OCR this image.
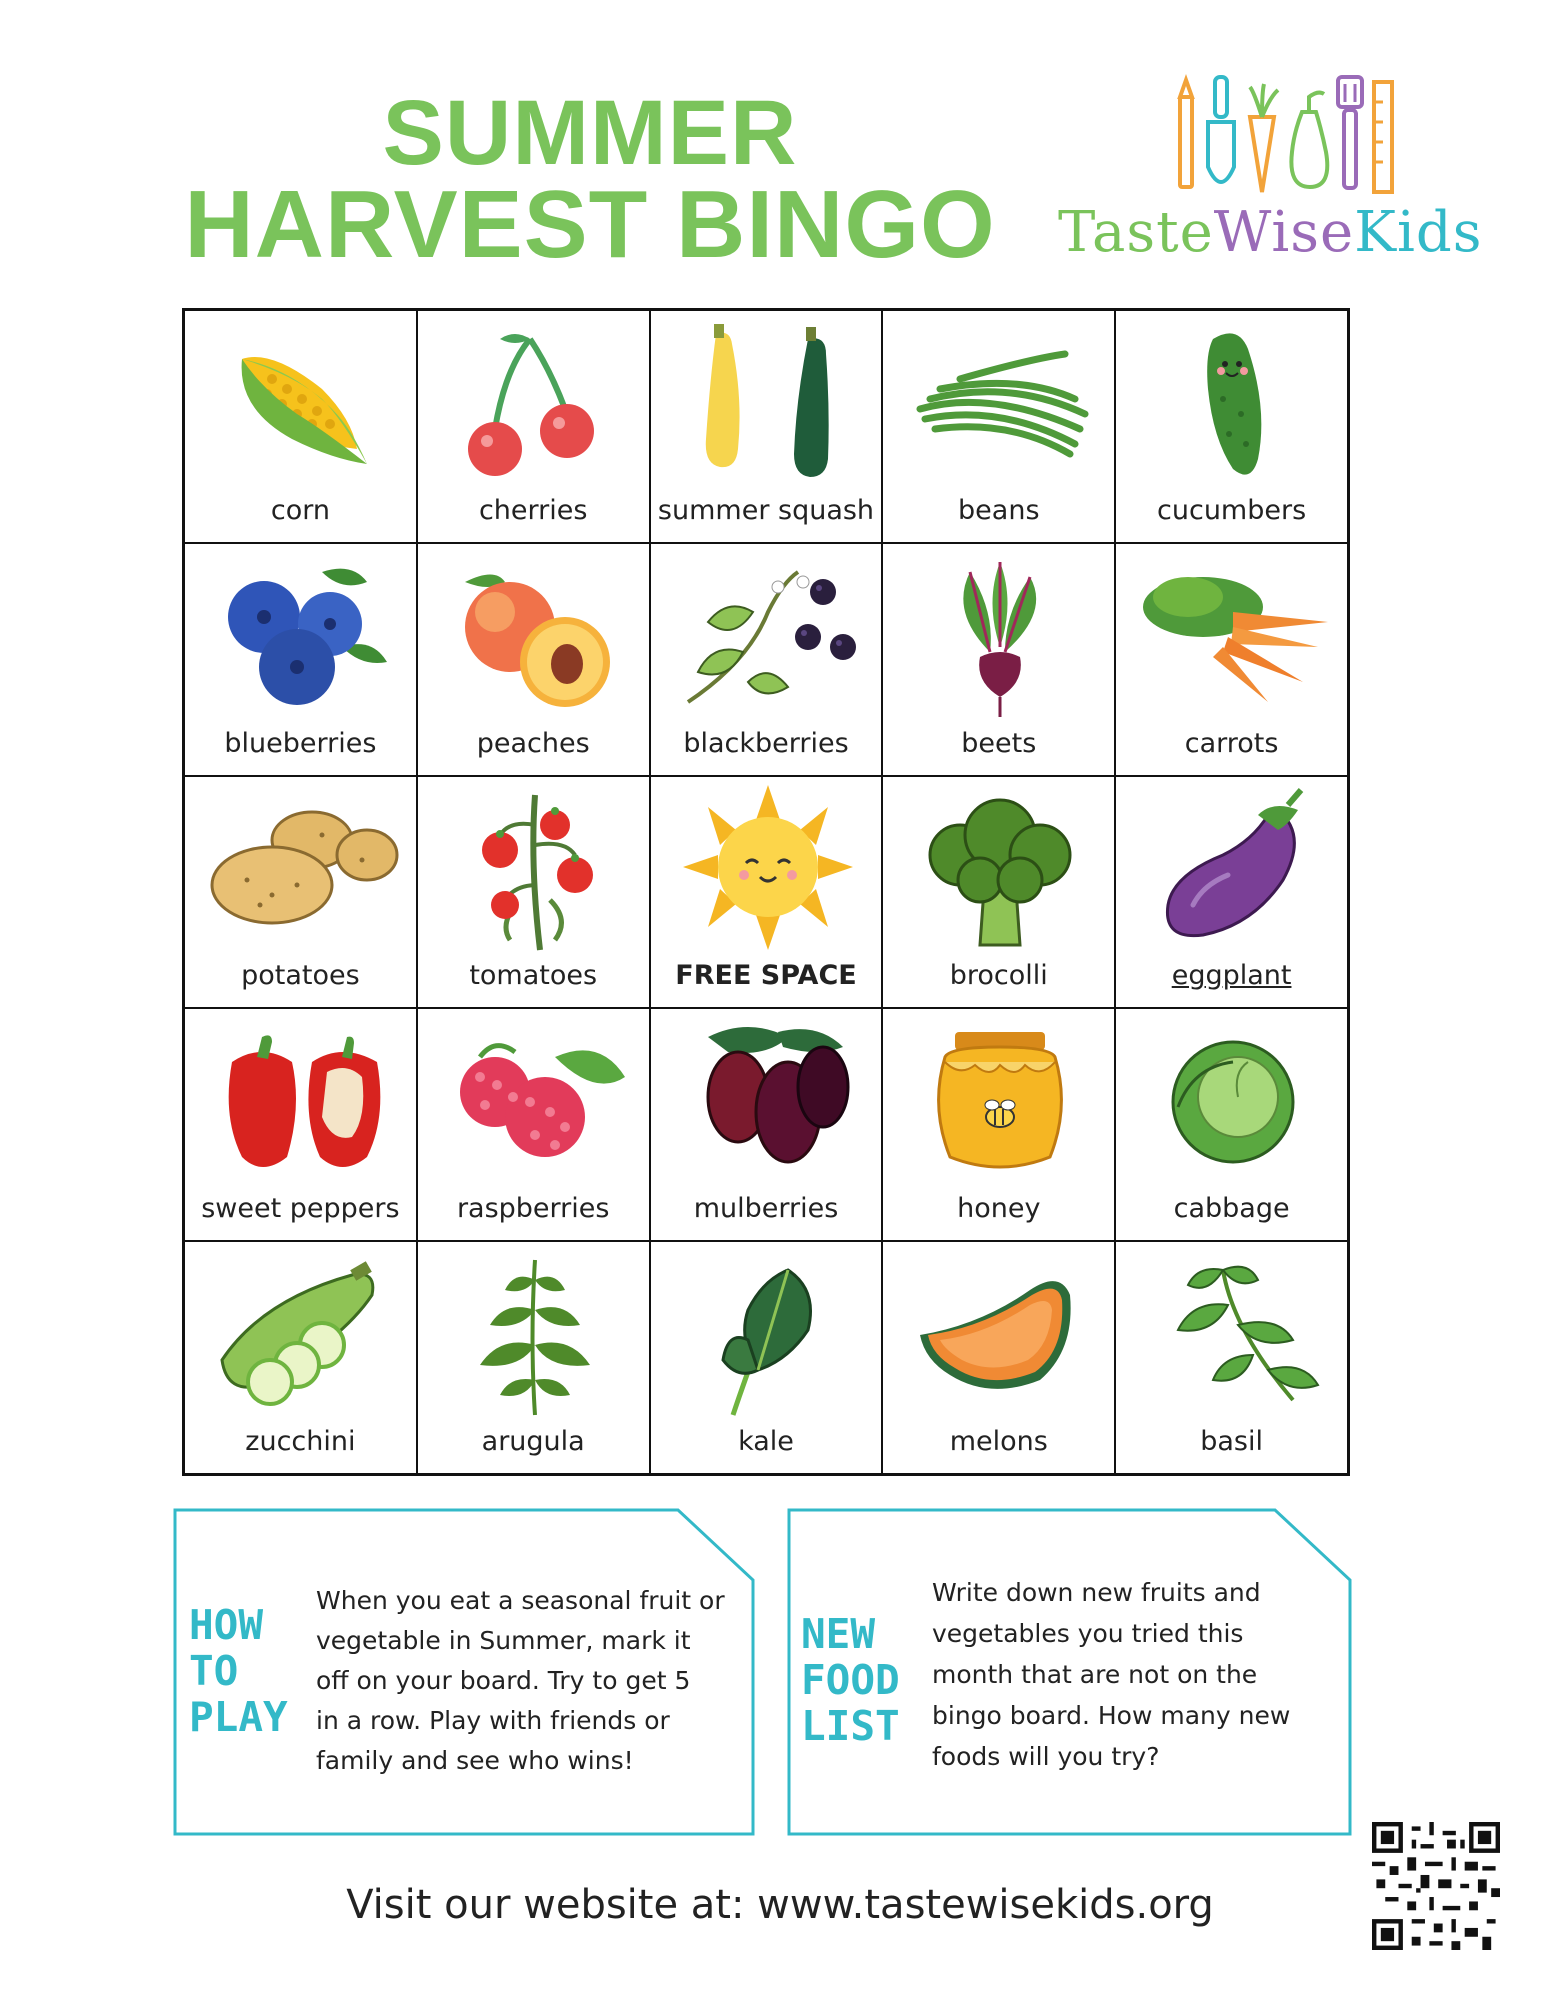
SUMMER
HARVEST BINGO	TasteWiseKids
corn	cherries	summer squash	beans	cucumbers
blueberries	peaches	blackberries	beets	carrots
potatoes	tomatoes	FREE SPACE	brocolli	eggplant
sweet peppers	raspberries	mulberries	honey	cabbage
zucchini	arugula	kale	melons	basil
HOW
TO
PLAY
When you eat a seasonal fruit or
vegetable in Summer, mark it
off on your board. Try to get 5
in a row. Play with friends or
family and see who wins!
NEW
FOOD
LIST
Write down new fruits and
vegetables you tried this
month that are not on the
bingo board. How many new
foods will you try?
Visit our website at: www.tastewisekids.org
